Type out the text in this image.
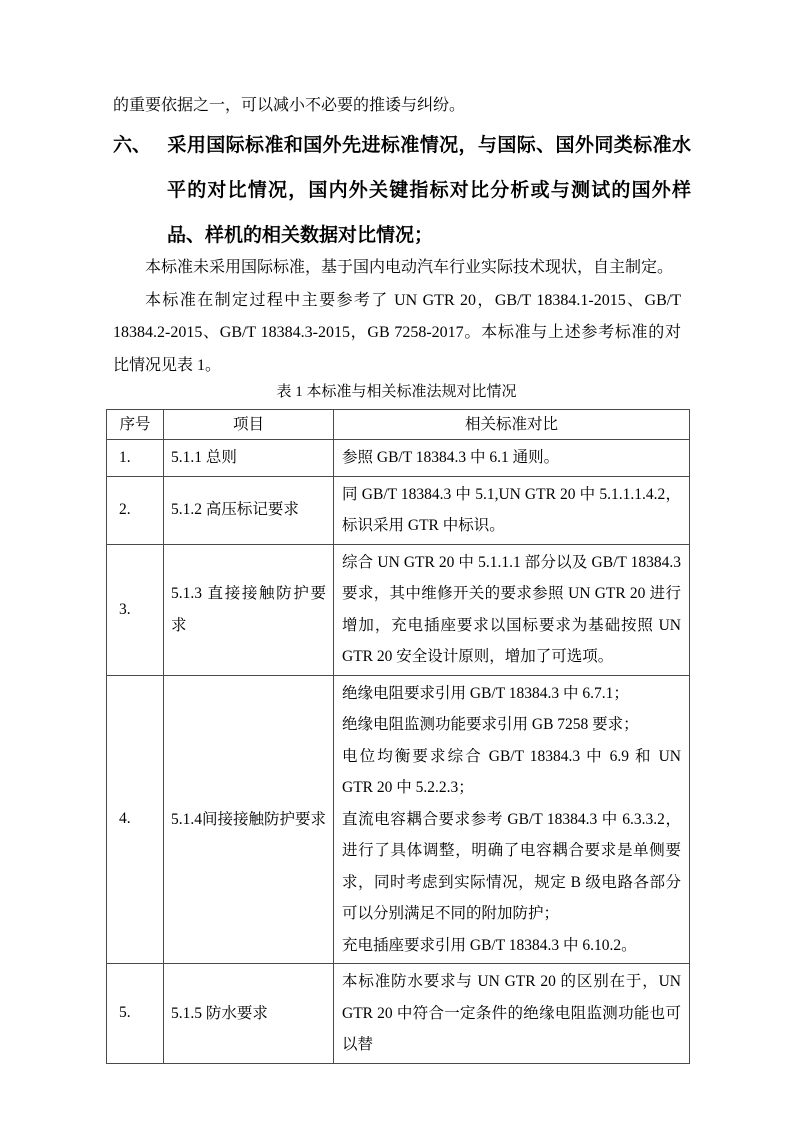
的重要依据之一，可以减小不必要的推诿与纠纷。

六、 采用国际标准和国外先进标准情况，与国际、国外同类标准水平的对比情况，国内外关键指标对比分析或与测试的国外样品、样机的相关数据对比情况；

本标准未采用国际标准，基于国内电动汽车行业实际技术现状，自主制定。

本标准在制定过程中主要参考了 UN GTR 20，GB/T 18384.1-2015、GB/T 18384.2-2015、GB/T 18384.3-2015，GB 7258-2017。本标准与上述参考标准的对比情况见表 1。

表 1 本标准与相关标准法规对比情况
序号	项目	相关标准对比
1.	5.1.1 总则	参照 GB/T 18384.3 中 6.1 通则。

2.	5.1.2 高压标记要求	同 GB/T 18384.3 中 5.1,UN GTR 20 中 5.1.1.1.4.2，标识采用 GTR 中标识。

3.	5.1.3 直接接触防护要求	综合 UN GTR 20 中 5.1.1.1 部分以及 GB/T 18384.3 要求，其中维修开关的要求参照 UN GTR 20 进行增加，充电插座要求以国标要求为基础按照 UN GTR 20 安全设计原则，增加了可选项。

4.	5.1.4间接接触防护要求	绝缘电阻要求引用 GB/T 18384.3 中 6.7.1；
绝缘电阻监测功能要求引用 GB 7258 要求；
电位均衡要求综合 GB/T 18384.3 中 6.9 和 UN GTR 20 中 5.2.2.3；
直流电容耦合要求参考 GB/T 18384.3 中 6.3.3.2，进行了具体调整，明确了电容耦合要求是单侧要求，同时考虑到实际情况，规定 B 级电路各部分可以分别满足不同的附加防护；
充电插座要求引用 GB/T 18384.3 中 6.10.2。

5.	5.1.5 防水要求	本标准防水要求与 UN GTR 20 的区别在于，UN GTR 20 中符合一定条件的绝缘电阻监测功能也可以替
